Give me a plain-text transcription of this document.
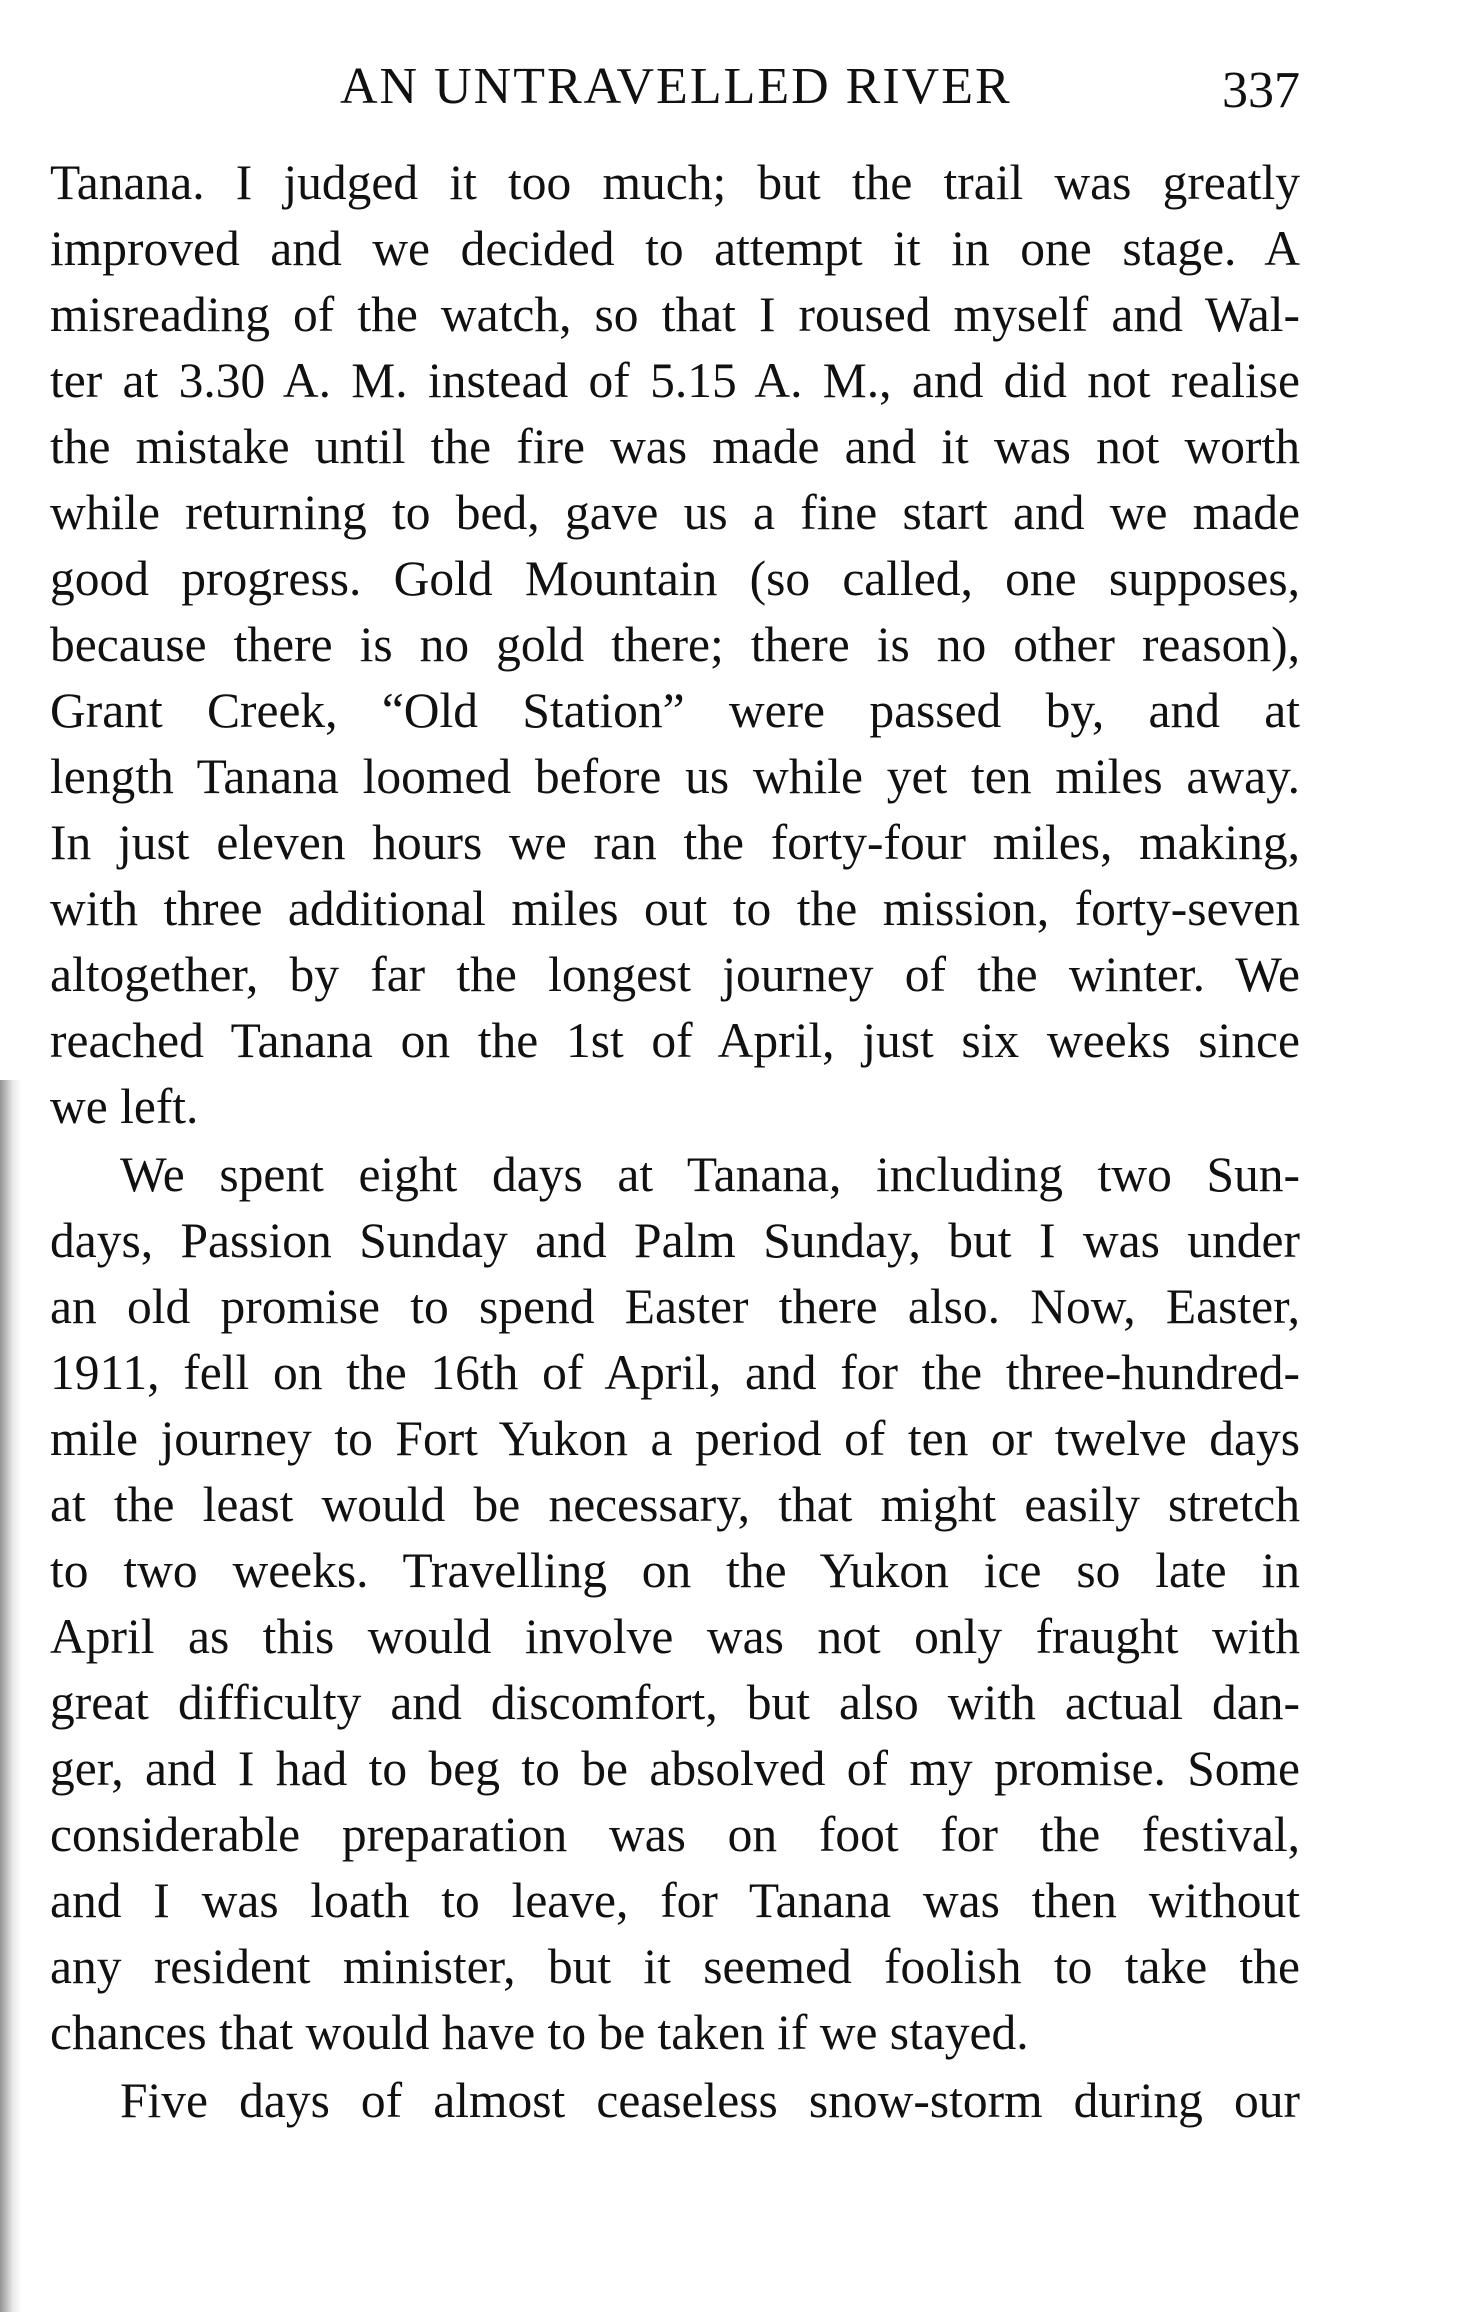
AN UNTRAVELLED RIVER	337
Tanana. I judged it too much; but the trail was greatly
improved and we decided to attempt it in one stage. A
misreading of the watch, so that I roused myself and Wal-
ter at 3.30 A. M. instead of 5.15 A. M., and did not realise
the mistake until the fire was made and it was not worth
while returning to bed, gave us a fine start and we made
good progress. Gold Mountain (so called, one supposes,
because there is no gold there; there is no other reason),
Grant Creek, “Old Station” were passed by, and at
length Tanana loomed before us while yet ten miles away.
In just eleven hours we ran the forty-four miles, making,
with three additional miles out to the mission, forty-seven
altogether, by far the longest journey of the winter. We
reached Tanana on the 1st of April, just six weeks since
we left.
We spent eight days at Tanana, including two Sun-
days, Passion Sunday and Palm Sunday, but I was under
an old promise to spend Easter there also. Now, Easter,
1911, fell on the 16th of April, and for the three-hundred-
mile journey to Fort Yukon a period of ten or twelve days
at the least would be necessary, that might easily stretch
to two weeks. Travelling on the Yukon ice so late in
April as this would involve was not only fraught with
great difficulty and discomfort, but also with actual dan-
ger, and I had to beg to be absolved of my promise. Some
considerable preparation was on foot for the festival,
and I was loath to leave, for Tanana was then without
any resident minister, but it seemed foolish to take the
chances that would have to be taken if we stayed.
Five days of almost ceaseless snow-storm during our
